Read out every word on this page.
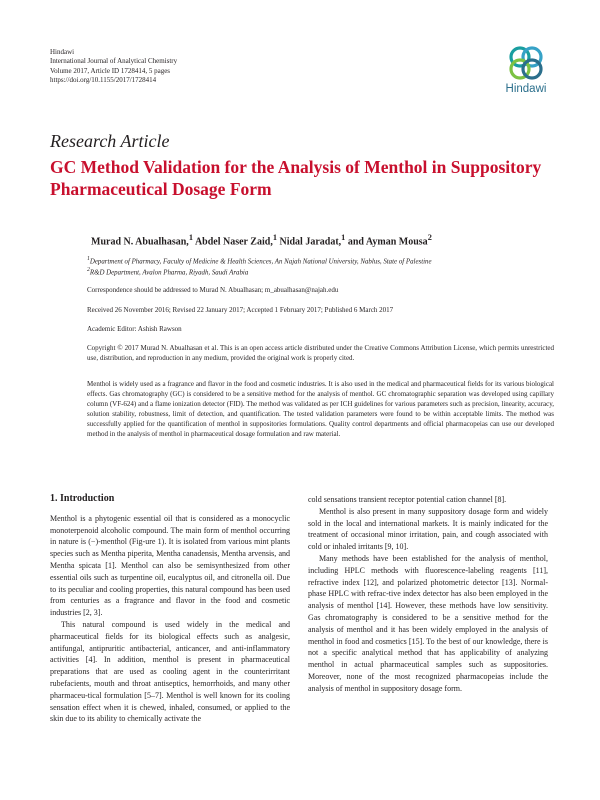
Hindawi
International Journal of Analytical Chemistry
Volume 2017, Article ID 1728414, 5 pages
https://doi.org/10.1155/2017/1728414
Hindawi
Research Article
GC Method Validation for the Analysis of Menthol in Suppository Pharmaceutical Dosage Form
Murad N. Abualhasan,$^1$ Abdel Naser Zaid,$^1$ Nidal Jaradat,$^1$ and Ayman Mousa$^2$
$^1$Department of Pharmacy, Faculty of Medicine & Health Sciences, An Najah National University, Nablus, State of Palestine
$^2$R&D Department, Avalon Pharma, Riyadh, Saudi Arabia
Correspondence should be addressed to Murad N. Abualhasan; m_abualhasan@najah.edu
Received 26 November 2016; Revised 22 January 2017; Accepted 1 February 2017; Published 6 March 2017
Academic Editor: Ashish Rawson
Copyright © 2017 Murad N. Abualhasan et al. This is an open access article distributed under the Creative Commons Attribution License, which permits unrestricted use, distribution, and reproduction in any medium, provided the original work is properly cited.
Menthol is widely used as a fragrance and flavor in the food and cosmetic industries. It is also used in the medical and pharmaceutical fields for its various biological effects. Gas chromatography (GC) is considered to be a sensitive method for the analysis of menthol. GC chromatographic separation was developed using capillary column (VF-624) and a flame ionization detector (FID). The method was validated as per ICH guidelines for various parameters such as precision, linearity, accuracy, solution stability, robustness, limit of detection, and quantification. The tested validation parameters were found to be within acceptable limits. The method was successfully applied for the quantification of menthol in suppositories formulations. Quality control departments and official pharmacopeias can use our developed method in the analysis of menthol in pharmaceutical dosage formulation and raw material.

1. Introduction

Menthol is a phytogenic essential oil that is considered as a monocyclic monoterpenoid alcoholic compound. The main form of menthol occurring in nature is (−)-menthol (Fig-ure 1). It is isolated from various mint plants species such as Mentha piperita, Mentha canadensis, Mentha arvensis, and Mentha spicata [1]. Menthol can also be semisynthesized from other essential oils such as turpentine oil, eucalyptus oil, and citronella oil. Due to its peculiar and cooling properties, this natural compound has been used from centuries as a fragrance and flavor in the food and cosmetic industries [2, 3].

This natural compound is used widely in the medical and pharmaceutical fields for its biological effects such as analgesic, antifungal, antipruritic antibacterial, anticancer, and anti-inflammatory activities [4]. In addition, menthol is present in pharmaceutical preparations that are used as cooling agent in the counterirritant rubefacients, mouth and throat antiseptics, hemorrhoids, and many other pharmaceu-tical formulation [5–7]. Menthol is well known for its cooling sensation effect when it is chewed, inhaled, consumed, or applied to the skin due to its ability to chemically activate the

cold sensations transient receptor potential cation channel [8].

Menthol is also present in many suppository dosage form and widely sold in the local and international markets. It is mainly indicated for the treatment of occasional minor irritation, pain, and cough associated with cold or inhaled irritants [9, 10].

Many methods have been established for the analysis of menthol, including HPLC methods with fluorescence-labeling reagents [11], refractive index [12], and polarized photometric detector [13]. Normal-phase HPLC with refrac-tive index detector has also been employed in the analysis of menthol [14]. However, these methods have low sensitivity. Gas chromatography is considered to be a sensitive method for the analysis of menthol and it has been widely employed in the analysis of menthol in food and cosmetics [15]. To the best of our knowledge, there is not a specific analytical method that has applicability of analyzing menthol in actual pharmaceutical samples such as suppositories. Moreover, none of the most recognized pharmacopeias include the analysis of menthol in suppository dosage form.
